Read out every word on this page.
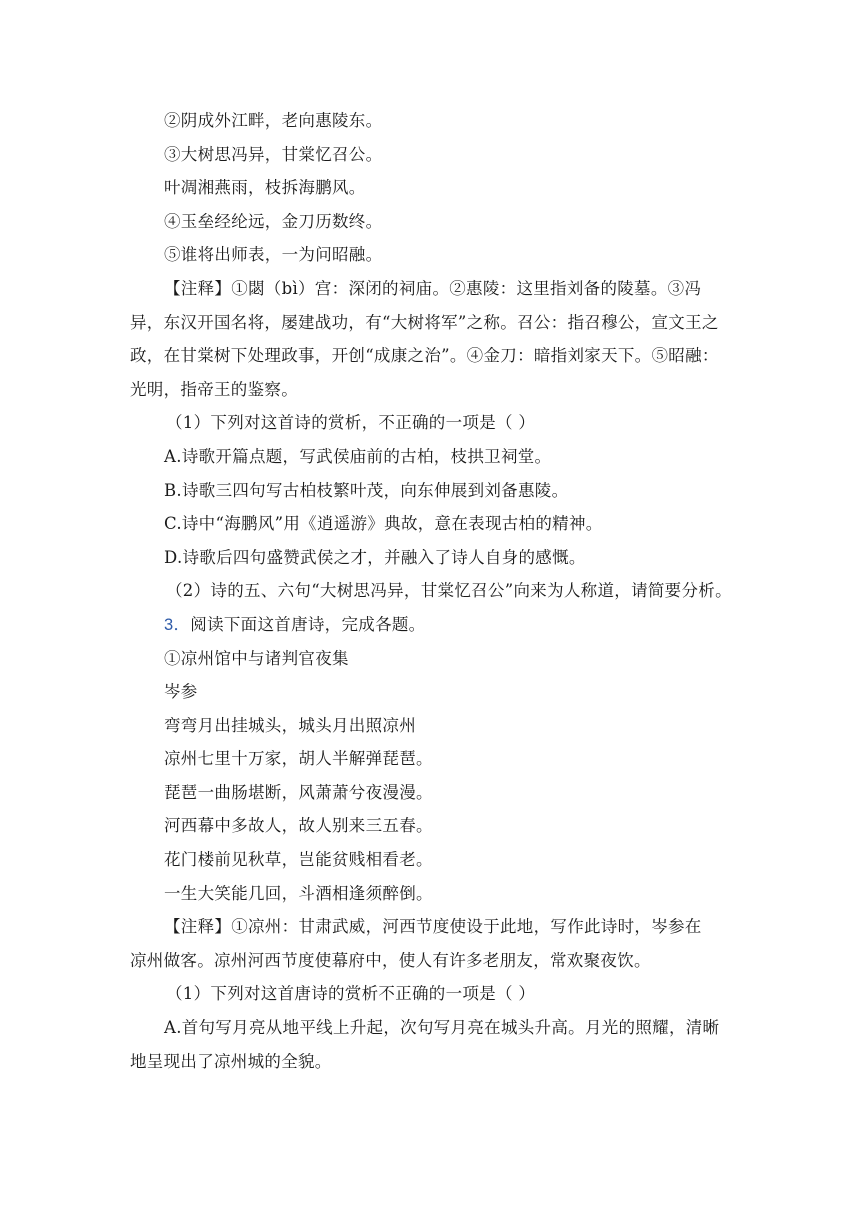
②阴成外江畔，老向惠陵东。
③大树思冯异，甘棠忆召公。
叶凋湘燕雨，枝拆海鹏风。
④玉垒经纶远，金刀历数终。
⑤谁将出师表，一为问昭融。
【注释】①閟（bì）宫：深闭的祠庙。②惠陵：这里指刘备的陵墓。③冯
异，东汉开国名将，屡建战功，有“大树将军”之称。召公：指召穆公，宣文王之
政，在甘棠树下处理政事，开创“成康之治”。④金刀：暗指刘家天下。⑤昭融：
光明，指帝王的鉴察。
（1）下列对这首诗的赏析，不正确的一项是（ ）
A.诗歌开篇点题，写武侯庙前的古柏，枝拱卫祠堂。
B.诗歌三四句写古柏枝繁叶茂，向东伸展到刘备惠陵。
C.诗中“海鹏风”用《逍遥游》典故，意在表现古柏的精神。
D.诗歌后四句盛赞武侯之才，并融入了诗人自身的感慨。
（2）诗的五、六句“大树思冯异，甘棠忆召公”向来为人称道，请简要分析。
3．阅读下面这首唐诗，完成各题。
①凉州馆中与诸判官夜集
岑参
弯弯月出挂城头，城头月出照凉州
凉州七里十万家，胡人半解弹琵琶。
琵琶一曲肠堪断，风萧萧兮夜漫漫。
河西幕中多故人，故人别来三五春。
花门楼前见秋草，岂能贫贱相看老。
一生大笑能几回，斗酒相逢须醉倒。
【注释】①凉州：甘肃武威，河西节度使设于此地，写作此诗时，岑参在
凉州做客。凉州河西节度使幕府中，使人有许多老朋友，常欢聚夜饮。
（1）下列对这首唐诗的赏析不正确的一项是（ ）
A.首句写月亮从地平线上升起，次句写月亮在城头升高。月光的照耀，清晰
地呈现出了凉州城的全貌。
